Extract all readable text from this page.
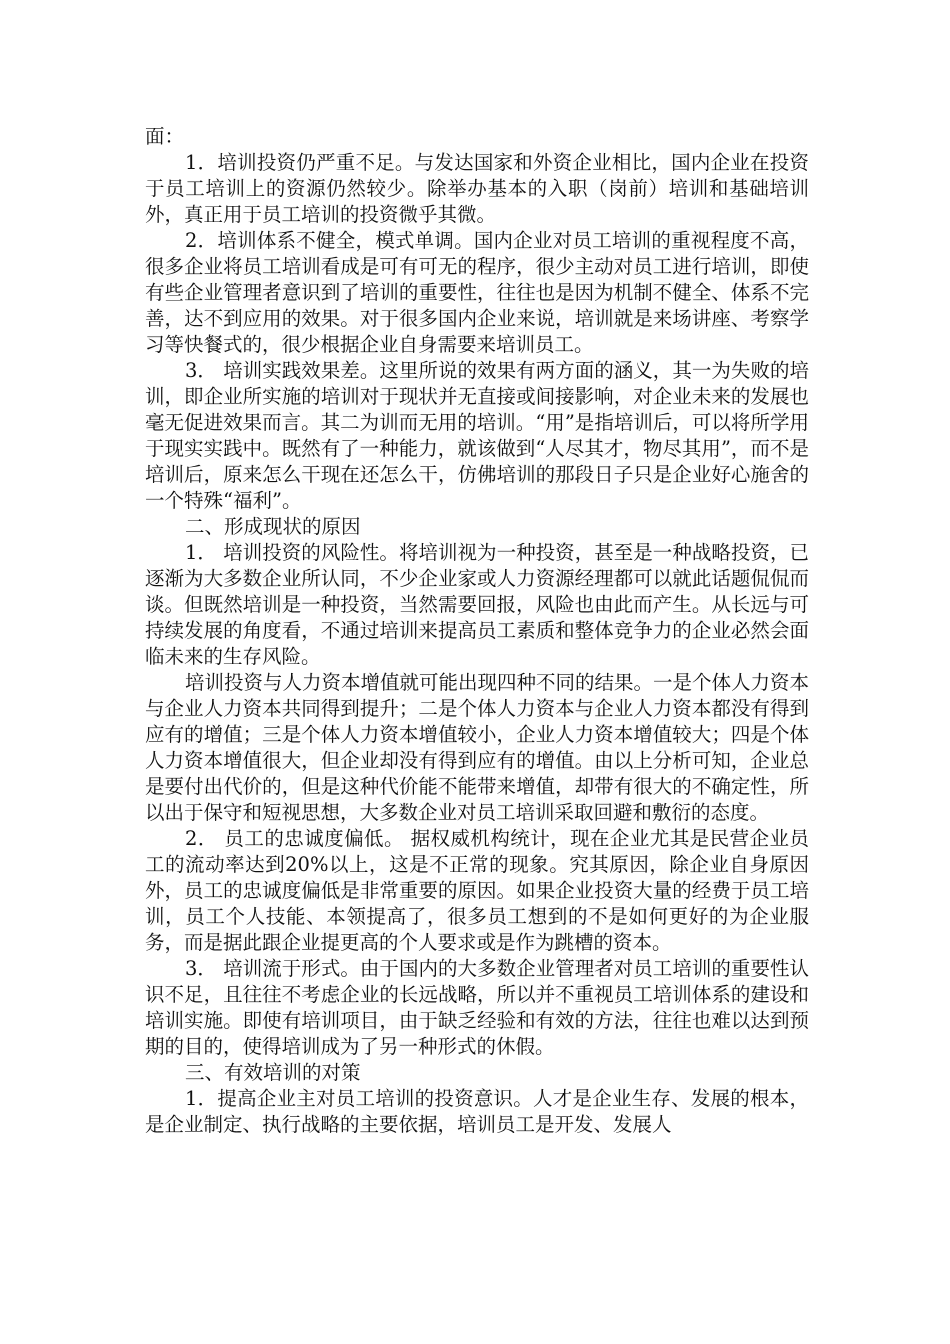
面：

1．培训投资仍严重不足。与发达国家和外资企业相比，国内企业在投资于员工培训上的资源仍然较少。除举办基本的入职（岗前）培训和基础培训外，真正用于员工培训的投资微乎其微。

2．培训体系不健全，模式单调。国内企业对员工培训的重视程度不高，很多企业将员工培训看成是可有可无的程序，很少主动对员工进行培训，即使有些企业管理者意识到了培训的重要性，往往也是因为机制不健全、体系不完善，达不到应用的效果。对于很多国内企业来说，培训就是来场讲座、考察学习等快餐式的，很少根据企业自身需要来培训员工。

3． 培训实践效果差。这里所说的效果有两方面的涵义，其一为失败的培训，即企业所实施的培训对于现状并无直接或间接影响，对企业未来的发展也毫无促进效果而言。其二为训而无用的培训。“用”是指培训后，可以将所学用于现实实践中。既然有了一种能力，就该做到“人尽其才，物尽其用”，而不是培训后，原来怎么干现在还怎么干，仿佛培训的那段日子只是企业好心施舍的一个特殊“福利”。

二、形成现状的原因

1． 培训投资的风险性。将培训视为一种投资，甚至是一种战略投资，已逐渐为大多数企业所认同，不少企业家或人力资源经理都可以就此话题侃侃而谈。但既然培训是一种投资，当然需要回报，风险也由此而产生。从长远与可持续发展的角度看，不通过培训来提高员工素质和整体竞争力的企业必然会面临未来的生存风险。

培训投资与人力资本增值就可能出现四种不同的结果。一是个体人力资本与企业人力资本共同得到提升；二是个体人力资本与企业人力资本都没有得到应有的增值；三是个体人力资本增值较小，企业人力资本增值较大；四是个体人力资本增值很大，但企业却没有得到应有的增值。由以上分析可知，企业总是要付出代价的，但是这种代价能不能带来增值，却带有很大的不确定性，所以出于保守和短视思想，大多数企业对员工培训采取回避和敷衍的态度。

2． 员工的忠诚度偏低。 据权威机构统计，现在企业尤其是民营企业员工的流动率达到20%以上，这是不正常的现象。究其原因，除企业自身原因外，员工的忠诚度偏低是非常重要的原因。如果企业投资大量的经费于员工培训，员工个人技能、本领提高了，很多员工想到的不是如何更好的为企业服务，而是据此跟企业提更高的个人要求或是作为跳槽的资本。

3． 培训流于形式。由于国内的大多数企业管理者对员工培训的重要性认识不足，且往往不考虑企业的长远战略，所以并不重视员工培训体系的建设和培训实施。即使有培训项目，由于缺乏经验和有效的方法，往往也难以达到预期的目的，使得培训成为了另一种形式的休假。

三、有效培训的对策

1．提高企业主对员工培训的投资意识。人才是企业生存、发展的根本，是企业制定、执行战略的主要依据，培训员工是开发、发展人
